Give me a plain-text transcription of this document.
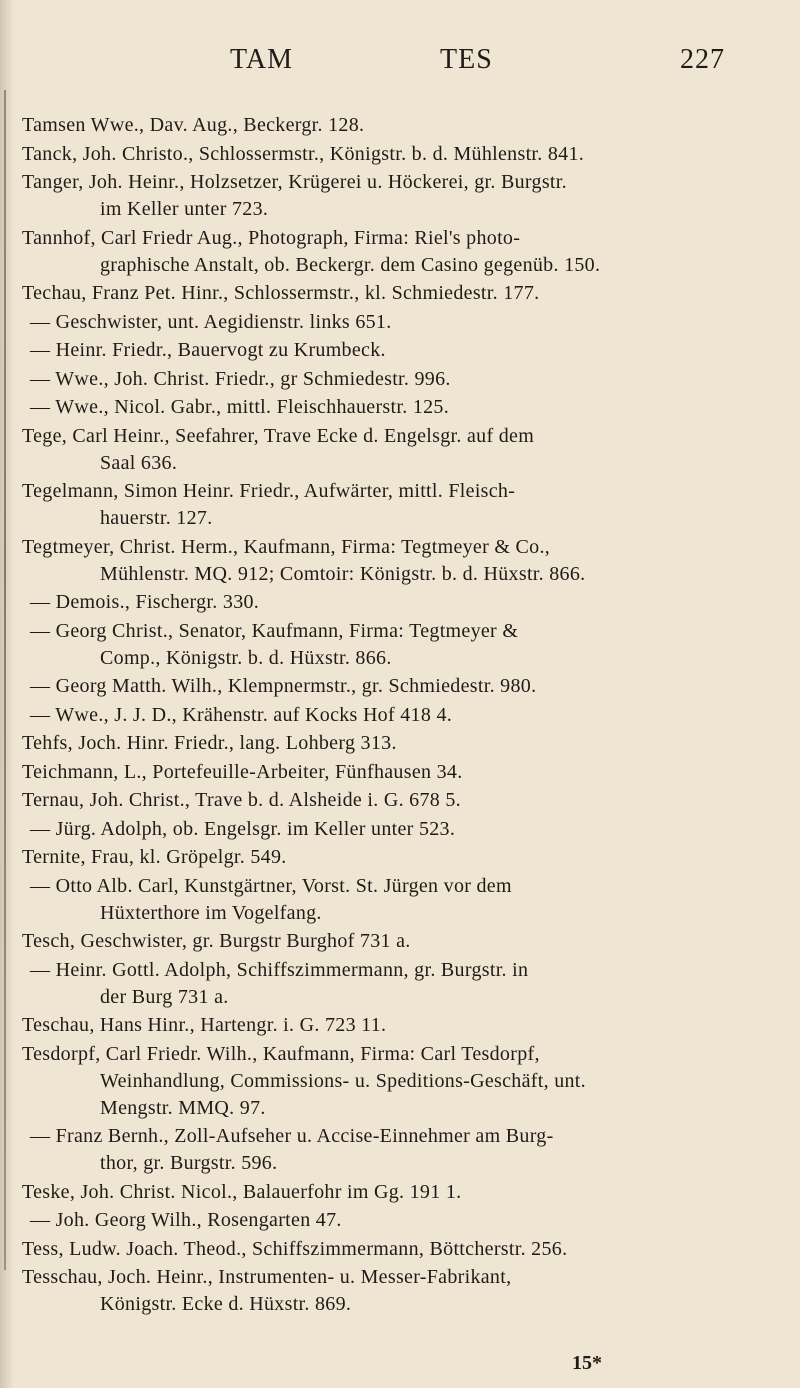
TAM	TES	227
Tamsen Wwe., Dav. Aug., Beckergr. 128.
Tanck, Joh. Christo., Schlossermstr., Königstr. b. d. Mühlenstr. 841.
Tanger, Joh. Heinr., Holzsetzer, Krügerei u. Höckerei, gr. Burgstr.
im Keller unter 723.
Tannhof, Carl Friedr Aug., Photograph, Firma: Riel's photo-
graphische Anstalt, ob. Beckergr. dem Casino gegenüb. 150.
Techau, Franz Pet. Hinr., Schlossermstr., kl. Schmiedestr. 177.
— Geschwister, unt. Aegidienstr. links 651.
— Heinr. Friedr., Bauervogt zu Krumbeck.
— Wwe., Joh. Christ. Friedr., gr Schmiedestr. 996.
— Wwe., Nicol. Gabr., mittl. Fleischhauerstr. 125.
Tege, Carl Heinr., Seefahrer, Trave Ecke d. Engelsgr. auf dem
Saal 636.
Tegelmann, Simon Heinr. Friedr., Aufwärter, mittl. Fleisch-
hauerstr. 127.
Tegtmeyer, Christ. Herm., Kaufmann, Firma: Tegtmeyer & Co.,
Mühlenstr. MQ. 912; Comtoir: Königstr. b. d. Hüxstr. 866.
— Demois., Fischergr. 330.
— Georg Christ., Senator, Kaufmann, Firma: Tegtmeyer &
Comp., Königstr. b. d. Hüxstr. 866.
— Georg Matth. Wilh., Klempnermstr., gr. Schmiedestr. 980.
— Wwe., J. J. D., Krähenstr. auf Kocks Hof 418 4.
Tehfs, Joch. Hinr. Friedr., lang. Lohberg 313.
Teichmann, L., Portefeuille-Arbeiter, Fünfhausen 34.
Ternau, Joh. Christ., Trave b. d. Alsheide i. G. 678 5.
— Jürg. Adolph, ob. Engelsgr. im Keller unter 523.
Ternite, Frau, kl. Gröpelgr. 549.
— Otto Alb. Carl, Kunstgärtner, Vorst. St. Jürgen vor dem
Hüxterthore im Vogelfang.
Tesch, Geschwister, gr. Burgstr Burghof 731 a.
— Heinr. Gottl. Adolph, Schiffszimmermann, gr. Burgstr. in
der Burg 731 a.
Teschau, Hans Hinr., Hartengr. i. G. 723 11.
Tesdorpf, Carl Friedr. Wilh., Kaufmann, Firma: Carl Tesdorpf,
Weinhandlung, Commissions- u. Speditions-Geschäft, unt.
Mengstr. MMQ. 97.
— Franz Bernh., Zoll-Aufseher u. Accise-Einnehmer am Burg-
thor, gr. Burgstr. 596.
Teske, Joh. Christ. Nicol., Balauerfohr im Gg. 191 1.
— Joh. Georg Wilh., Rosengarten 47.
Tess, Ludw. Joach. Theod., Schiffszimmermann, Böttcherstr. 256.
Tesschau, Joch. Heinr., Instrumenten- u. Messer-Fabrikant,
Königstr. Ecke d. Hüxstr. 869.
15*
